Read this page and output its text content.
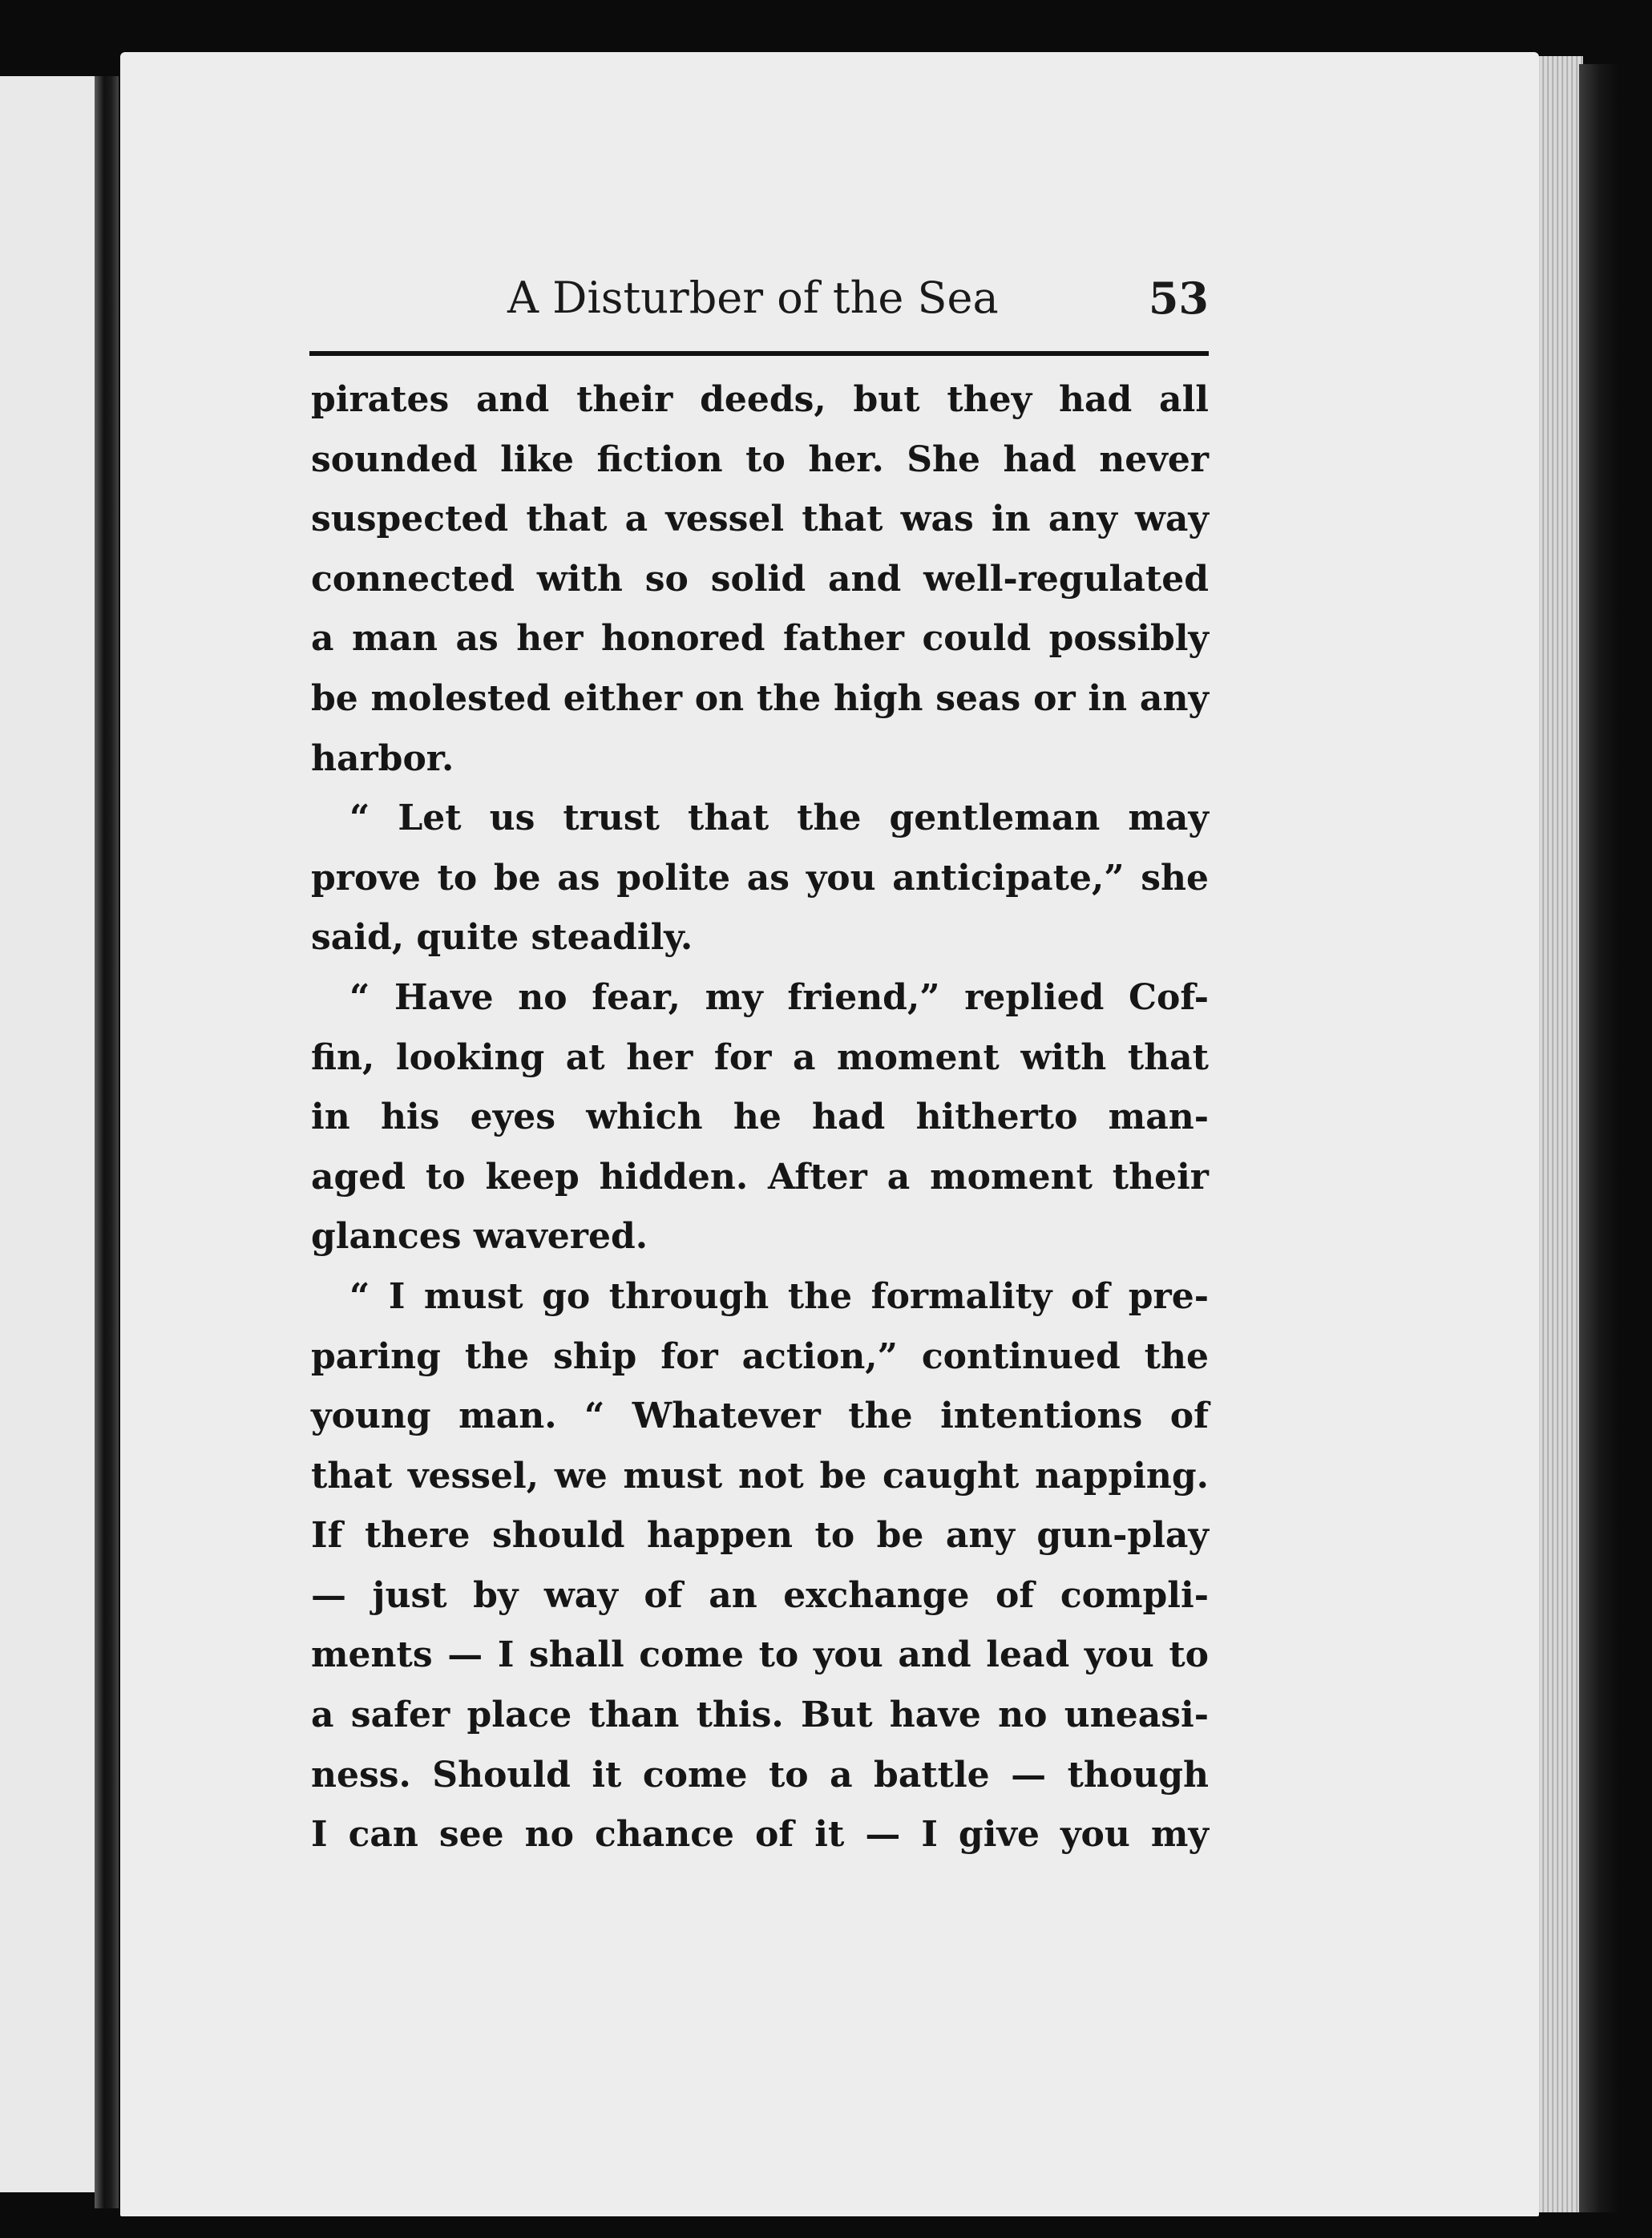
A Disturber of the Sea	53
pirates and their deeds, but they had all
sounded like fiction to her. She had never
suspected that a vessel that was in any way
connected with so solid and well-regulated
a man as her honored father could possibly
be molested either on the high seas or in any
harbor.
“ Let us trust that the gentleman may
prove to be as polite as you anticipate,” she
said, quite steadily.
“ Have no fear, my friend,” replied Cof-
fin, looking at her for a moment with that
in his eyes which he had hitherto man-
aged to keep hidden. After a moment their
glances wavered.
“ I must go through the formality of pre-
paring the ship for action,” continued the
young man. “ Whatever the intentions of
that vessel, we must not be caught napping.
If there should happen to be any gun-play
— just by way of an exchange of compli-
ments — I shall come to you and lead you to
a safer place than this. But have no uneasi-
ness. Should it come to a battle — though
I can see no chance of it — I give you my
